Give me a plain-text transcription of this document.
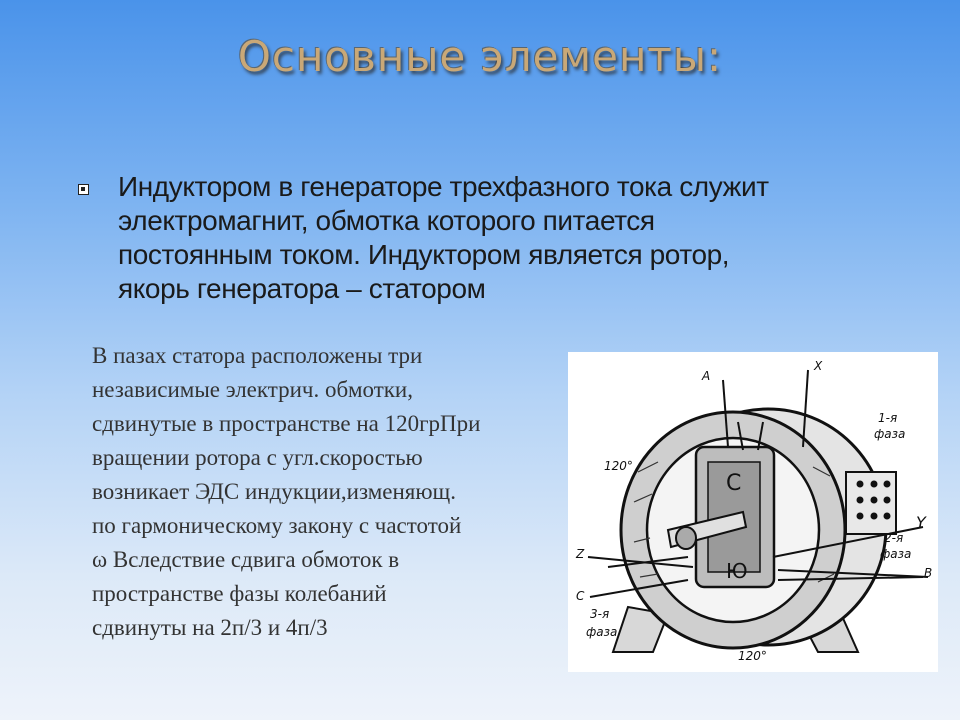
Основные элементы:
Индуктором в генераторе трехфазного тока служит
электромагнит, обмотка которого питается
постоянным током. Индуктором является ротор,
якорь генератора – статором
В пазах статора расположены три
независимые электрич. обмотки,
сдвинутые в пространстве на 120грПри
вращении ротора с угл.скоростью
возникает ЭДС индукции,изменяющ.
по гармоническому закону с частотой
ω Вследствие сдвига обмоток в
пространстве фазы колебаний
сдвинуты на 2п/3 и 4п/3
A
X
1-я
фаза
120°
Y
2-я
фаза
B
Z
C
3-я
фаза
120°
С
Ю
